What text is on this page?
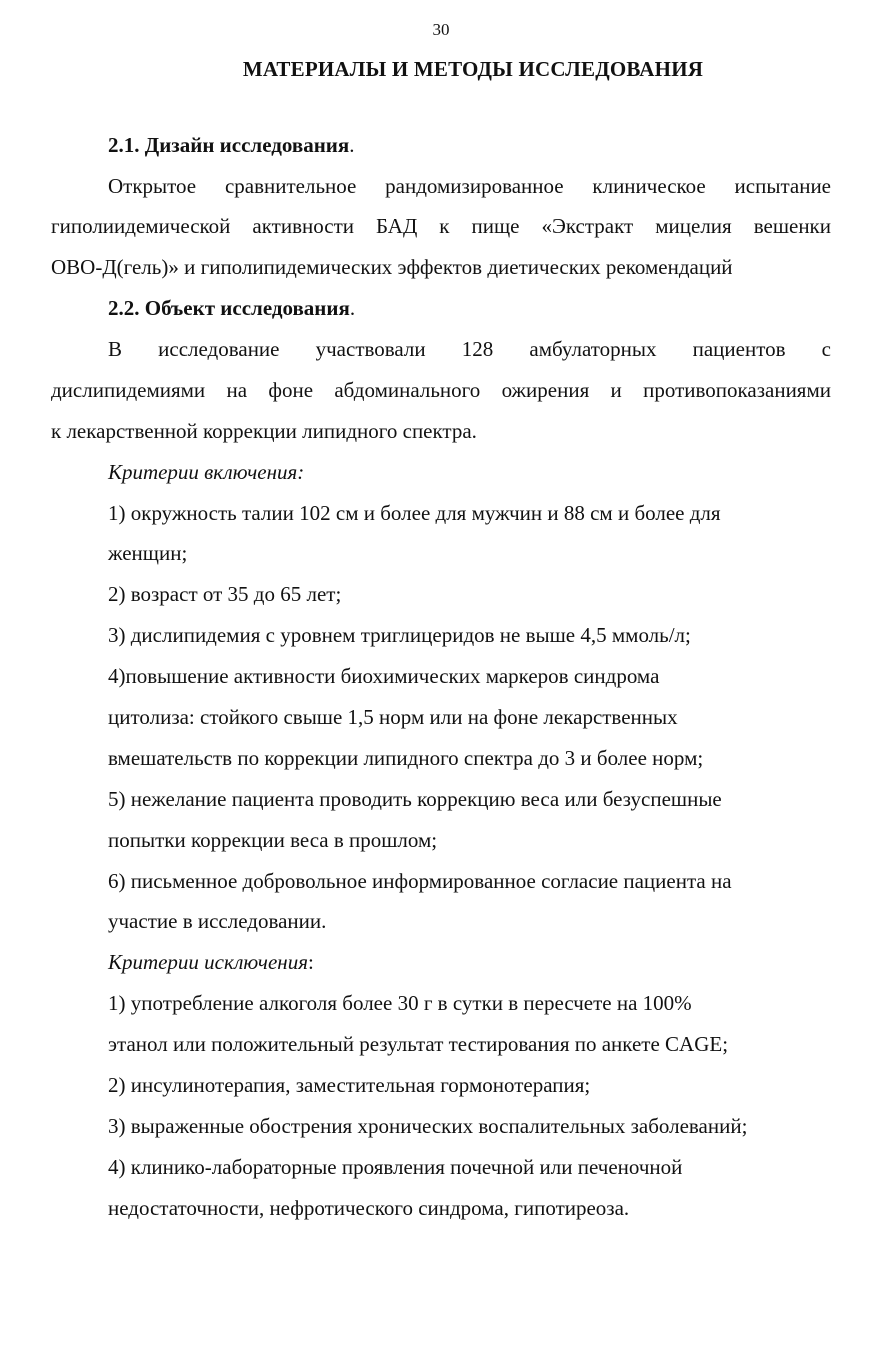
30
МАТЕРИАЛЫ И МЕТОДЫ ИССЛЕДОВАНИЯ
2.1. Дизайн исследования.
Открытое сравнительное рандомизированное клиническое испытание
гиполиидемической активности БАД к пище «Экстракт мицелия вешенки
ОВО-Д(гель)» и гиполипидемических эффектов диетических рекомендаций
2.2. Объект исследования.
В исследование участвовали 128 амбулаторных пациентов с
дислипидемиями на фоне абдоминального ожирения и противопоказаниями
к лекарственной коррекции липидного спектра.
Критерии включения:
1) окружность талии 102 см и более для мужчин и 88 см и более для
женщин;
2) возраст от 35 до 65 лет;
3) дислипидемия с уровнем триглицеридов не выше 4,5 ммоль/л;
4)повышение активности биохимических маркеров синдрома
цитолиза: стойкого свыше 1,5 норм или на фоне лекарственных
вмешательств по коррекции липидного спектра до 3 и более норм;
5) нежелание пациента проводить коррекцию веса или безуспешные
попытки коррекции веса в прошлом;
6) письменное добровольное информированное согласие пациента на
участие в исследовании.
Критерии исключения:
1) употребление алкоголя более 30 г в сутки в пересчете на 100%
этанол или положительный результат тестирования по анкете CAGE;
2) инсулинотерапия, заместительная гормонотерапия;
3) выраженные обострения хронических воспалительных заболеваний;
4) клинико-лабораторные проявления почечной или печеночной
недостаточности, нефротического синдрома, гипотиреоза.
